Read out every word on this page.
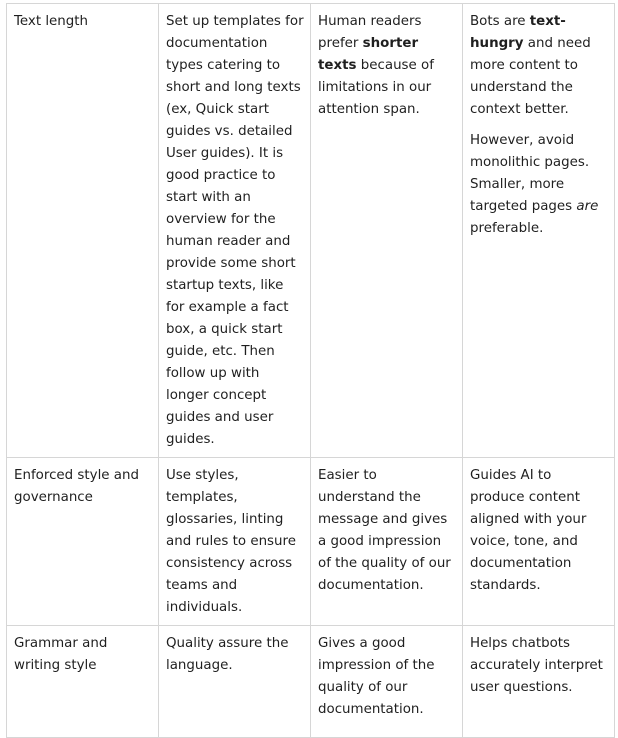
Text length	Set up templates for documentation types catering to short and long texts (ex, Quick start guides vs. detailed User guides). It is good practice to start with an overview for the human reader and provide some short startup texts, like for example a fact box, a quick start guide, etc. Then follow up with longer concept guides and user guides.	Human readers prefer shorter texts because of limitations in our attention span.	Bots are text-hungry and need more content to understand the context better.

However, avoid monolithic pages. Smaller, more targeted pages are preferable.

Enforced style and governance	Use styles, templates, glossaries, linting and rules to ensure consistency across teams and individuals.	Easier to understand the message and gives a good impression of the quality of our documentation.	Guides AI to produce content aligned with your voice, tone, and documentation standards.
Grammar and writing style	Quality assure the language.	Gives a good impression of the quality of our documentation.	Helps chatbots accurately interpret user questions.
